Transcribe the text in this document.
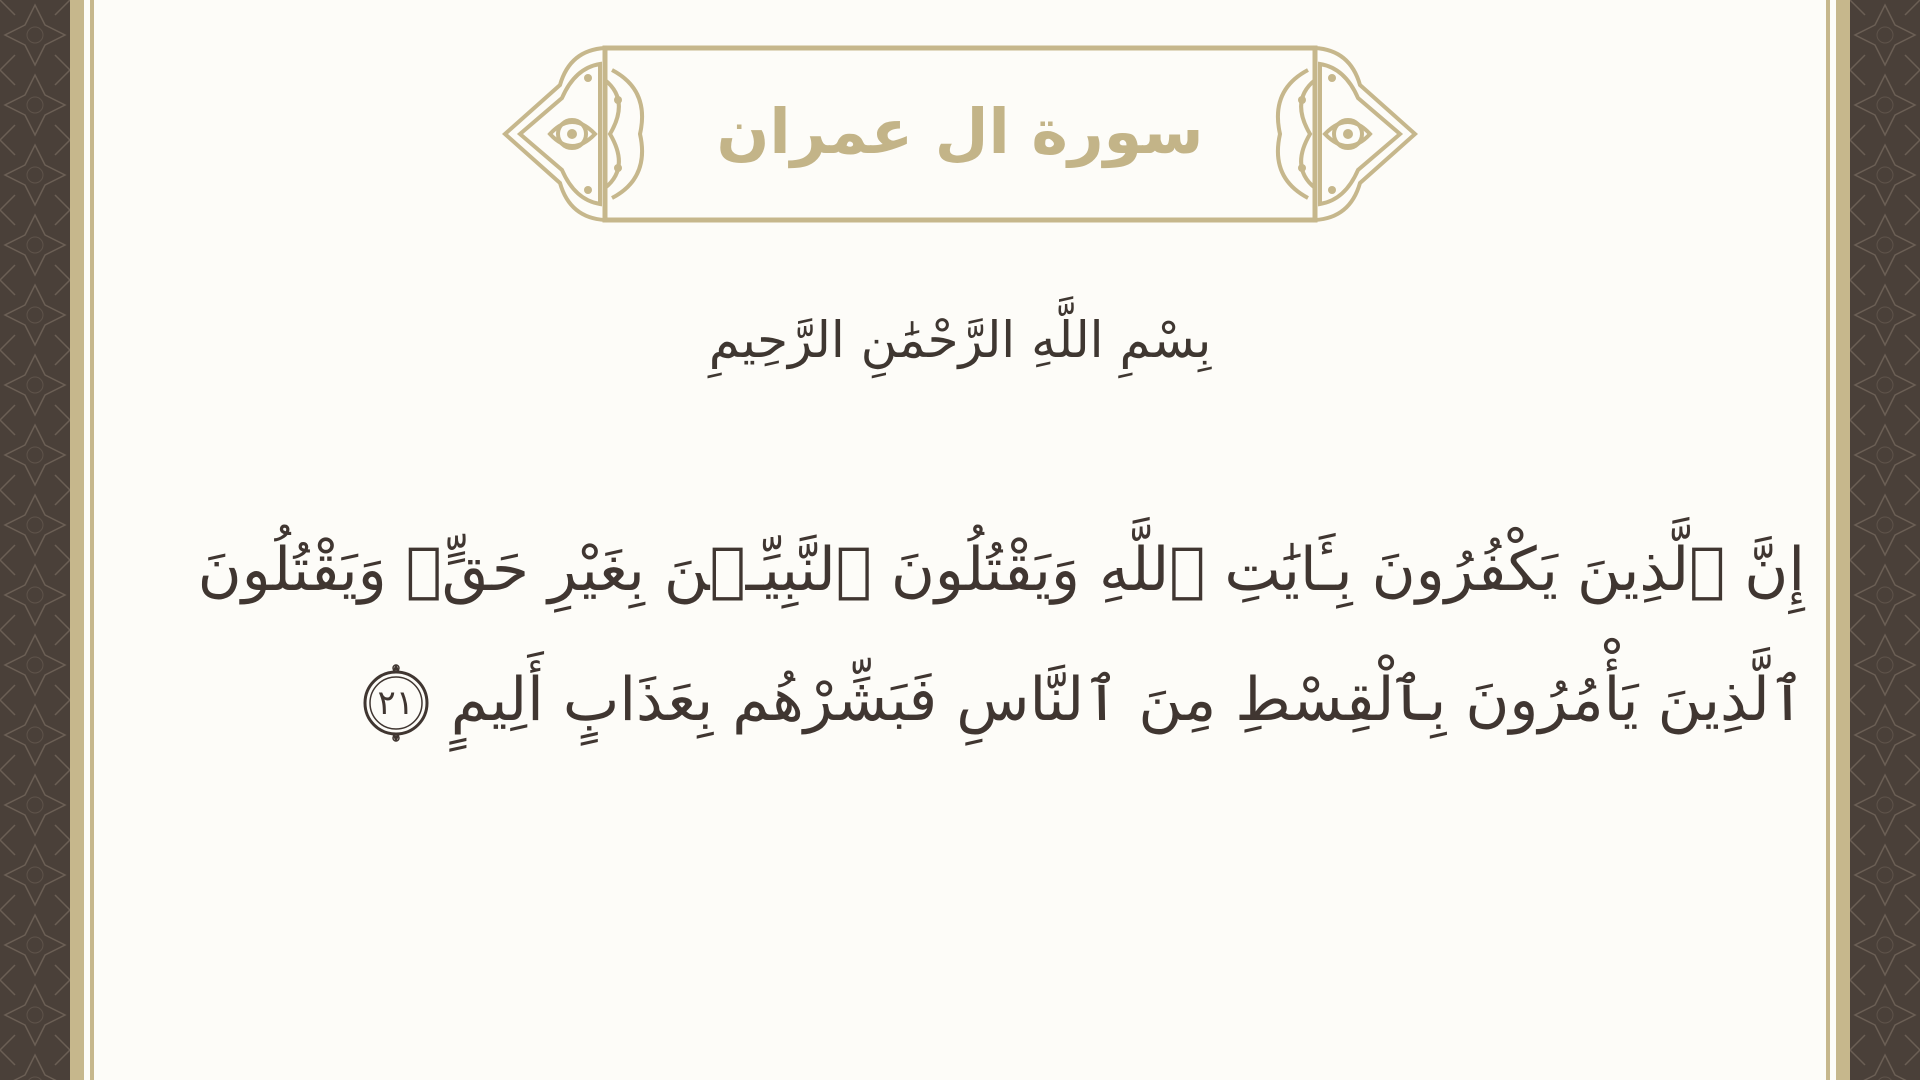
سورة ال عمران
بِسْمِ اللَّهِ الرَّحْمَٰنِ الرَّحِيمِ
إِنَّ ٱلَّذِينَ يَكْفُرُونَ بِـَٔايَٰتِ ٱللَّهِ وَيَقْتُلُونَ ٱلنَّبِيِّـۧنَ بِغَيْرِ حَقٍّۢ وَيَقْتُلُونَ
ٱلَّذِينَ يَأْمُرُونَ بِٱلْقِسْطِ مِنَ ٱلنَّاسِ فَبَشِّرْهُم بِعَذَابٍ أَلِيمٍ
٢١
